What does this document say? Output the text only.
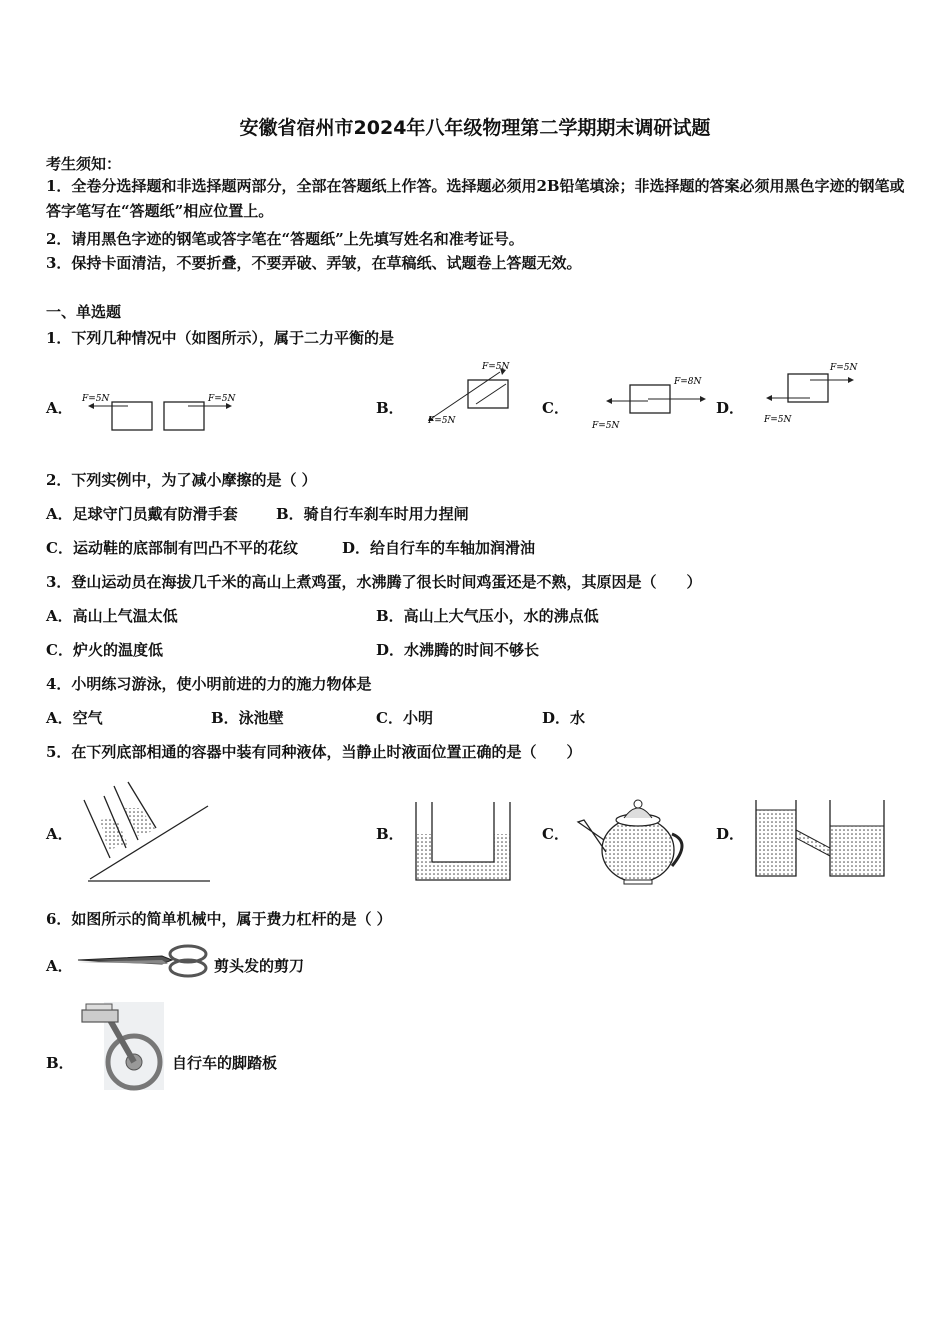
安徽省宿州市2024年八年级物理第二学期期末调研试题
考生须知：
1．全卷分选择题和非选择题两部分，全部在答题纸上作答。选择题必须用2B铅笔填涂；非选择题的答案必须用黑色字迹的钢笔或答字笔写在“答题纸”相应位置上。
2．请用黑色字迹的钢笔或答字笔在“答题纸”上先填写姓名和准考证号。
3．保持卡面清洁，不要折叠，不要弄破、弄皱，在草稿纸、试题卷上答题无效。
一、单选题
1．下列几种情况中（如图所示），属于二力平衡的是
A．	B．	C．	D．
F=5N	F=5N
F=5N
F=5N
F=8N
F=5N
F=5N
F=5N
2．下列实例中，为了减小摩擦的是（ ）
A．足球守门员戴有防滑手套	B．骑自行车刹车时用力捏闸
C．运动鞋的底部制有凹凸不平的花纹	D．给自行车的车轴加润滑油
3．登山运动员在海拔几千米的高山上煮鸡蛋，水沸腾了很长时间鸡蛋还是不熟，其原因是（　　）
A．高山上气温太低	B．高山上大气压小，水的沸点低
C．炉火的温度低	D．水沸腾的时间不够长
4．小明练习游泳，使小明前进的力的施力物体是
A．空气	B．泳池壁	C．小明	D．水
5．在下列底部相通的容器中装有同种液体，当静止时液面位置正确的是（　　）
A．	B．	C．	D．
6．如图所示的简单机械中，属于费力杠杆的是（ ）
A．	剪头发的剪刀
B．	自行车的脚踏板
